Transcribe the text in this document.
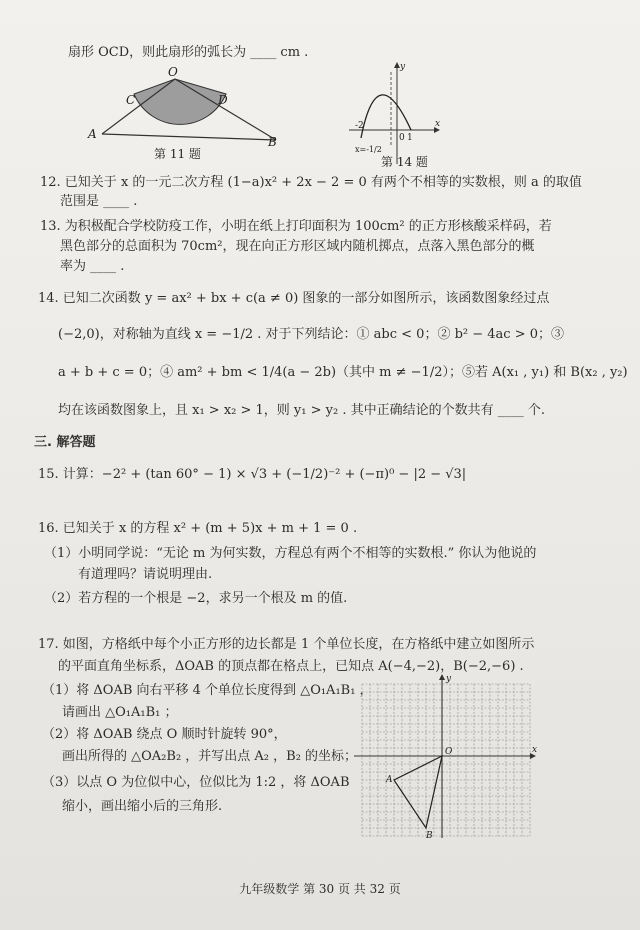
扇形 OCD，则此扇形的弧长为 ____ cm .
O
C	D
A
B
第 11 题
y
x
-2
1
0
x=-1/2
第 14 题
12. 已知关于 x 的一元二次方程 (1−a)x² + 2x − 2 = 0 有两个不相等的实数根，则 a 的取值
范围是 ____ .
13. 为积极配合学校防疫工作，小明在纸上打印面积为 100cm² 的正方形核酸采样码，若
黑色部分的总面积为 70cm²，现在向正方形区域内随机掷点，点落入黑色部分的概
率为 ____ .
14. 已知二次函数 y = ax² + bx + c(a ≠ 0) 图象的一部分如图所示，该函数图象经过点
(−2,0)，对称轴为直线 x = −1/2 . 对于下列结论：① abc < 0；② b² − 4ac > 0；③
a + b + c = 0；④ am² + bm < 1/4(a − 2b)（其中 m ≠ −1/2）；⑤若 A(x₁ , y₁) 和 B(x₂ , y₂)
均在该函数图象上，且 x₁ > x₂ > 1，则 y₁ > y₂ . 其中正确结论的个数共有 ____ 个.
三. 解答题
15. 计算：−2² + (tan 60° − 1) × √3 + (−1/2)⁻² + (−π)⁰ − |2 − √3|
16. 已知关于 x 的方程 x² + (m + 5)x + m + 1 = 0 .
（1）小明同学说：“无论 m 为何实数，方程总有两个不相等的实数根.” 你认为他说的
有道理吗？请说明理由.
（2）若方程的一个根是 −2，求另一个根及 m 的值.
17. 如图，方格纸中每个小正方形的边长都是 1 个单位长度，在方格纸中建立如图所示
的平面直角坐标系，ΔOAB 的顶点都在格点上，已知点 A(−4,−2)，B(−2,−6) .
（1）将 ΔOAB 向右平移 4 个单位长度得到 △O₁A₁B₁ ，
请画出 △O₁A₁B₁ ；
（2）将 ΔOAB 绕点 O 顺时针旋转 90°，
画出所得的 △OA₂B₂ ，并写出点 A₂ ，B₂ 的坐标；
（3）以点 O 为位似中心，位似比为 1:2 ，将 ΔOAB
缩小，画出缩小后的三角形.
y
x
O
A
B
九年级数学 第 30 页 共 32 页
